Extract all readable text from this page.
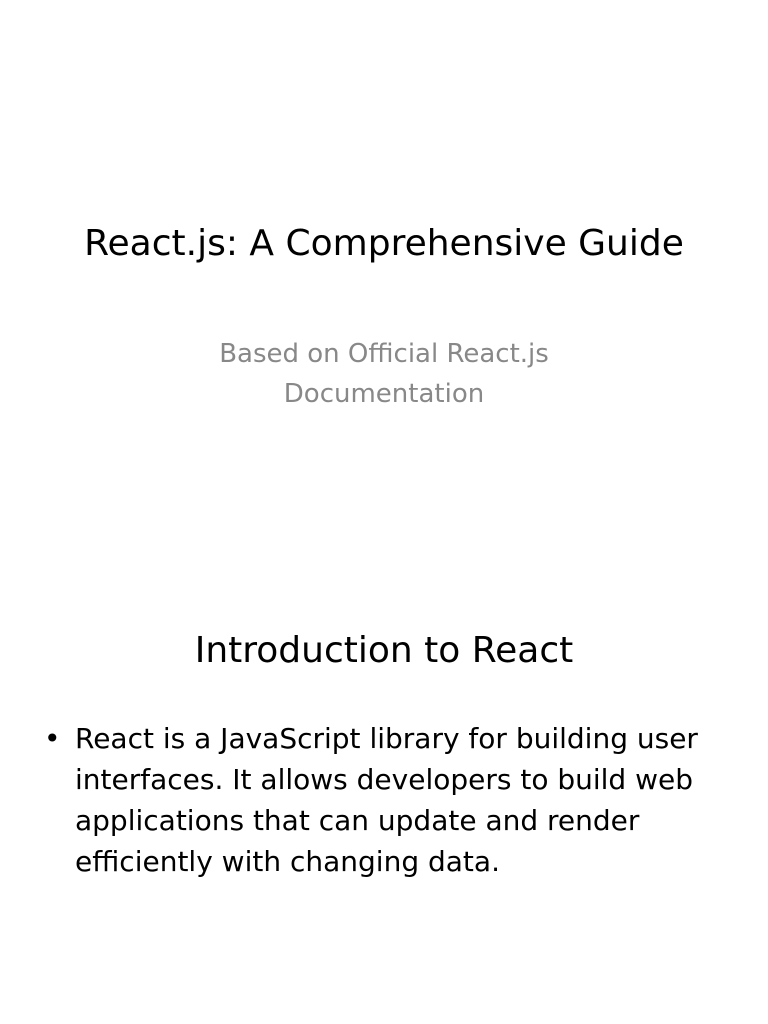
React.js: A Comprehensive Guide

Based on Official React.js
Documentation

Introduction to React
• React is a JavaScript library for building user interfaces. It allows developers to build web applications that can update and render efficiently with changing data.
